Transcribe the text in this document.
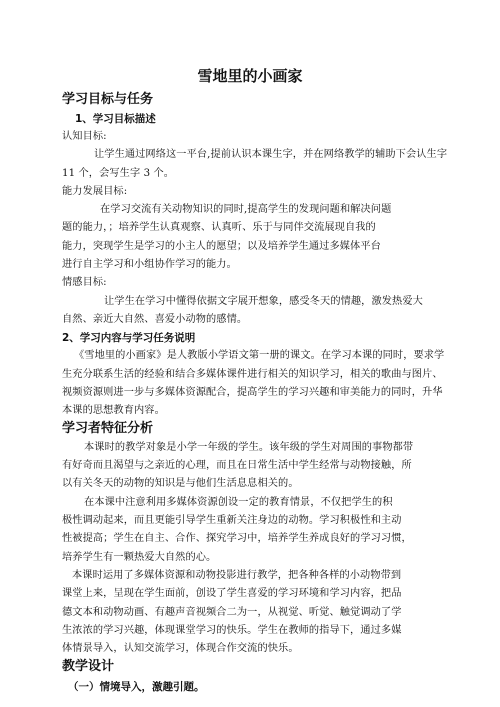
雪地里的小画家
学习目标与任务
1、学习目标描述
认知目标:
让学生通过网络这一平台,提前认识本课生字，并在网络教学的辅助下会认生字
11 个，会写生字 3 个。
能力发展目标:
在学习交流有关动物知识的同时,提高学生的发现问题和解决问题
题的能力，；培养学生认真观察、认真听、乐于与同伴交流展现自我的
能力，突现学生是学习的小主人的愿望；以及培养学生通过多媒体平台
进行自主学习和小组协作学习的能力。
情感目标:
让学生在学习中懂得依据文字展开想象，感受冬天的情趣，激发热爱大
自然、亲近大自然、喜爱小动物的感情。
2、学习内容与学习任务说明
《雪地里的小画家》是人教版小学语文第一册的课文。在学习本课的同时，要求学
生充分联系生活的经验和结合多媒体课件进行相关的知识学习，相关的歌曲与图片、
视频资源则进一步与多媒体资源配合，提高学生的学习兴趣和审美能力的同时，升华
本课的思想教育内容。
学习者特征分析
本课时的教学对象是小学一年级的学生。该年级的学生对周围的事物都带
有好奇而且渴望与之亲近的心理，而且在日常生活中学生经常与动物接触，所
以有关冬天的动物的知识是与他们生活息息相关的。
在本课中注意利用多媒体资源创设一定的教育情景，不仅把学生的积
极性调动起来，而且更能引导学生重新关注身边的动物。学习积极性和主动
性被提高；学生在自主、合作、探究学习中，培养学生养成良好的学习习惯，
培养学生有一颗热爱大自然的心。
本课时运用了多媒体资源和动物投影进行教学，把各种各样的小动物带到
课堂上来，呈现在学生面前，创设了学生喜爱的学习环境和学习内容，把品
德文本和动物动画、有趣声音视频合二为一，从视觉、听觉、触觉调动了学
生浓浓的学习兴趣，体现课堂学习的快乐。学生在教师的指导下，通过多媒
体情景导入，认知交流学习，体现合作交流的快乐。
教学设计
（一）情境导入，激趣引题。
